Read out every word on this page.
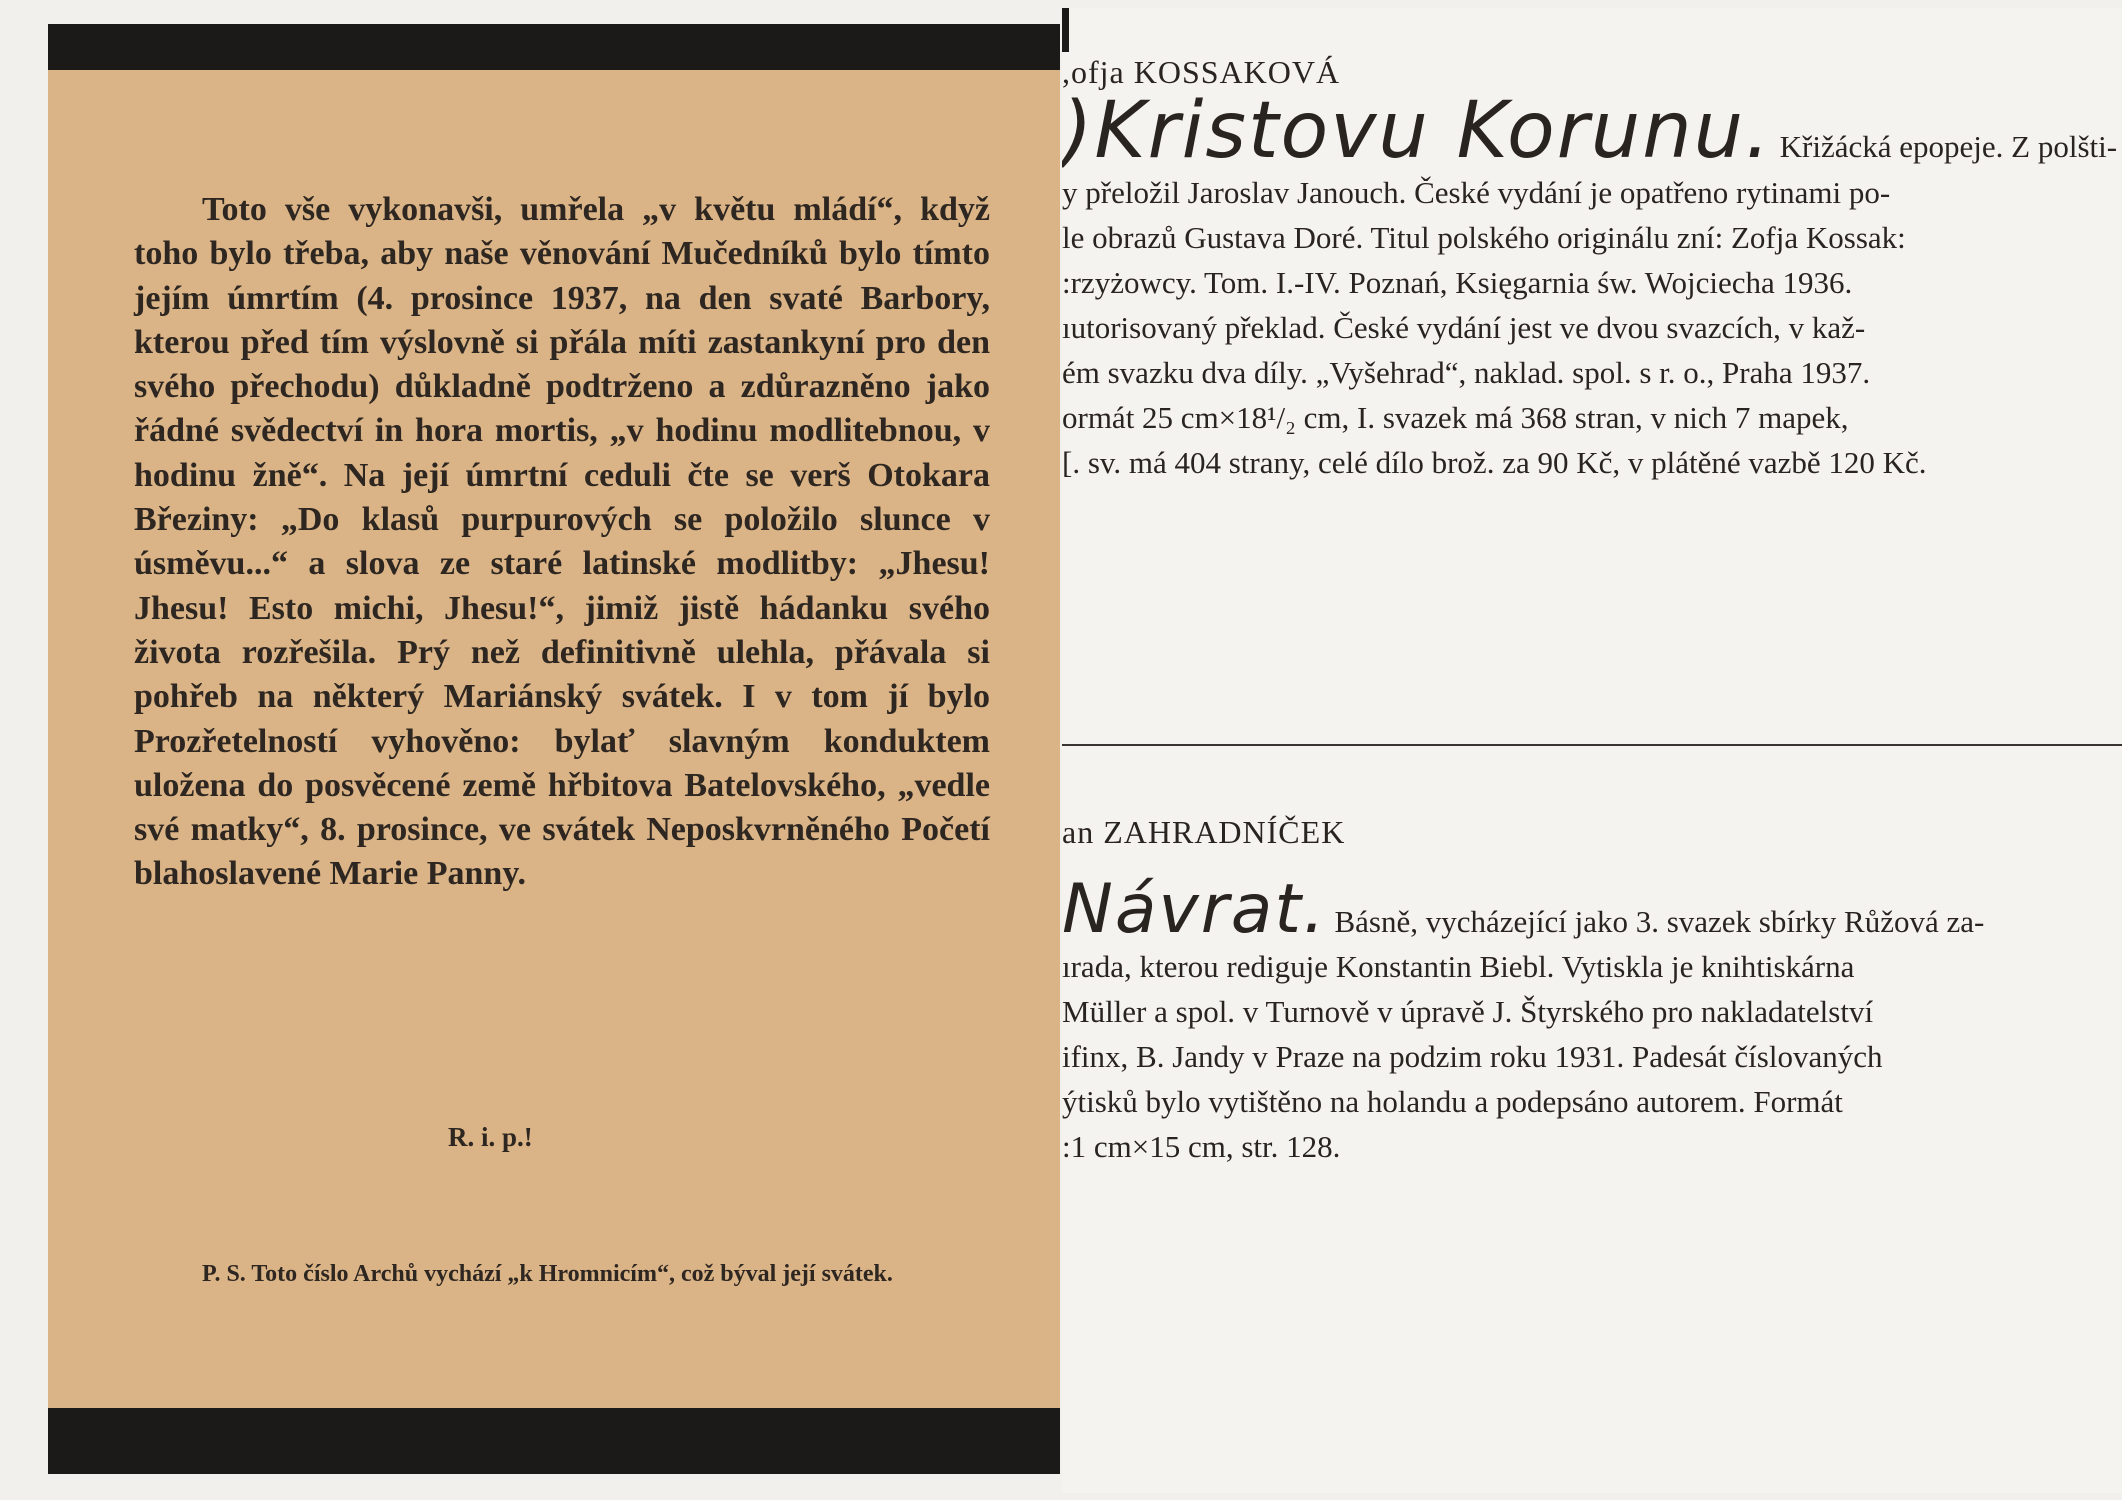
Toto vše vykonavši, umřela „v květu mládí“, když toho bylo třeba, aby naše věnování Mučedníků bylo tímto jejím úmrtím (4. prosince 1937, na den svaté Barbory, kterou před tím výslovně si přála míti zastankyní pro den svého přechodu) důkladně podtrženo a zdůrazněno jako řádné svědectví in hora mortis, „v hodinu modlitebnou, v hodinu žně“. Na její úmrtní ceduli čte se verš Otokara Březiny: „Do klasů purpurových se položilo slunce v úsměvu...“ a slova ze staré latinské modlitby: „Jhesu! Jhesu! Esto michi, Jhesu!“, jimiž jistě hádanku svého života rozřešila. Prý než definitivně ulehla, přávala si pohřeb na některý Mariánský svátek. I v tom jí bylo Prozřetelností vyhověno: bylať slavným konduktem uložena do posvěcené země hřbitova Batelovského, „vedle své matky“, 8. prosince, ve svátek Neposkvrněného Početí blahoslavené Marie Panny.

R. i. p.!

P. S. Toto číslo Archů vychází „k Hromnicím“, což býval její svátek.

,ofja KOSSAKOVÁ

)Kristovu Korunu. Křižácká epopeje. Z polšti-
y přeložil Jaroslav Janouch. České vydání je opatřeno rytinami po-
le obrazů Gustava Doré. Titul polského originálu zní: Zofja Kossak:
:rzyżowcy. Tom. I.-IV. Poznań, Księgarnia św. Wojciecha 1936.
ıutorisovaný překlad. České vydání jest ve dvou svazcích, v kaž-
ém svazku dva díly. „Vyšehrad“, naklad. spol. s r. o., Praha 1937.
ormát 25 cm×18¹/₂ cm, I. svazek má 368 stran, v nich 7 mapek,
[. sv. má 404 strany, celé dílo brož. za 90 Kč, v plátěné vazbě 120 Kč.

an ZAHRADNÍČEK

Návrat. Básně, vycházející jako 3. svazek sbírky Růžová za-
ırada, kterou rediguje Konstantin Biebl. Vytiskla je knihtiskárna
Müller a spol. v Turnově v úpravě J. Štyrského pro nakladatelství
ifinx, B. Jandy v Praze na podzim roku 1931. Padesát číslovaných
ýtisků bylo vytištěno na holandu a podepsáno autorem. Formát
:1 cm×15 cm, str. 128.
